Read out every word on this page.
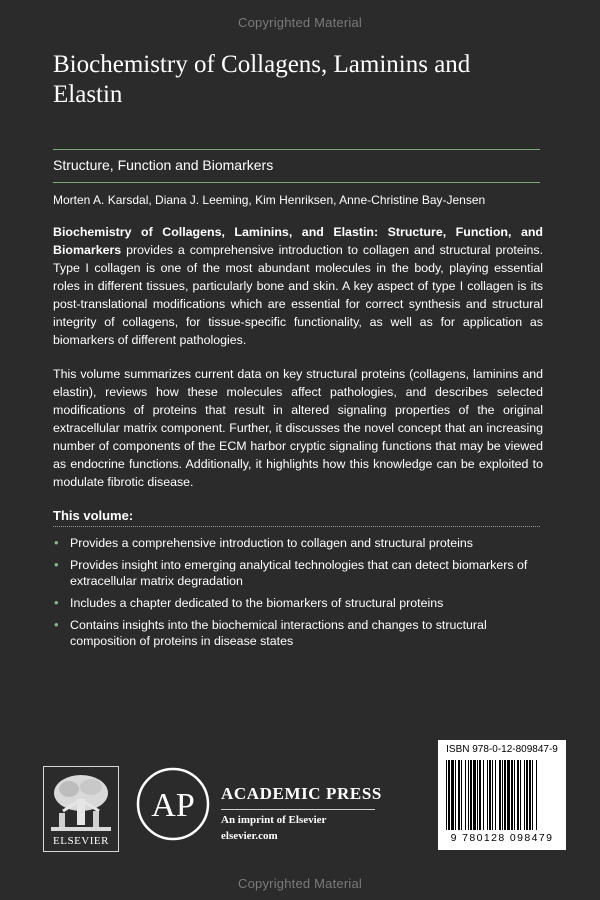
Copyrighted Material
Biochemistry of Collagens, Laminins and Elastin
Structure, Function and Biomarkers
Morten A. Karsdal, Diana J. Leeming, Kim Henriksen, Anne-Christine Bay-Jensen

Biochemistry of Collagens, Laminins, and Elastin: Structure, Function, and Biomarkers provides a comprehensive introduction to collagen and structural proteins. Type I collagen is one of the most abundant molecules in the body, playing essential roles in different tissues, particularly bone and skin. A key aspect of type I collagen is its post-translational modifications which are essential for correct synthesis and structural integrity of collagens, for tissue-specific functionality, as well as for application as biomarkers of different pathologies.

This volume summarizes current data on key structural proteins (collagens, laminins and elastin), reviews how these molecules affect pathologies, and describes selected modifications of proteins that result in altered signaling properties of the original extracellular matrix component. Further, it discusses the novel concept that an increasing number of components of the ECM harbor cryptic signaling functions that may be viewed as endocrine functions. Additionally, it highlights how this knowledge can be exploited to modulate fibrotic disease.

This volume:
• Provides a comprehensive introduction to collagen and structural proteins
• Provides insight into emerging analytical technologies that can detect biomarkers of extracellular matrix degradation
• Includes a chapter dedicated to the biomarkers of structural proteins
• Contains insights into the biochemical interactions and changes to structural composition of proteins in disease states
ELSEVIER
AP ACADEMIC PRESS
An imprint of Elsevier
elsevier.com
ISBN 978-0-12-809847-9
9 780128 098479
Copyrighted Material
